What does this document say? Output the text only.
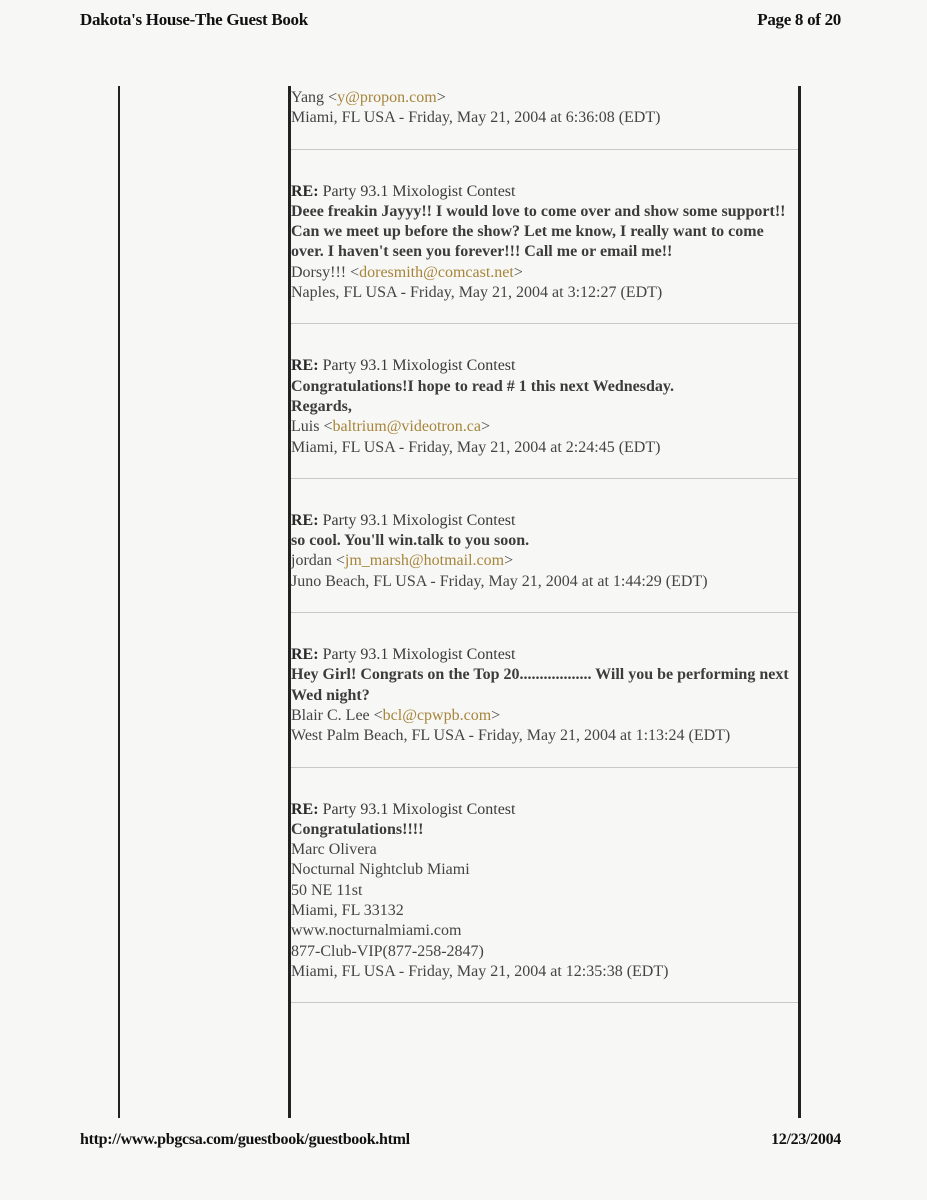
Dakota's House-The Guest Book	Page 8 of 20
Yang <y@propon.com>
Miami, FL USA - Friday, May 21, 2004 at 6:36:08 (EDT)
RE: Party 93.1 Mixologist Contest
Deee freakin Jayyy!! I would love to come over and show some support!! Can we meet up before the show? Let me know, I really want to come over. I haven't seen you forever!!! Call me or email me!!
Dorsy!!! <doresmith@comcast.net>
Naples, FL USA - Friday, May 21, 2004 at 3:12:27 (EDT)
RE: Party 93.1 Mixologist Contest
Congratulations!I hope to read # 1 this next Wednesday.
Regards,
Luis <baltrium@videotron.ca>
Miami, FL USA - Friday, May 21, 2004 at 2:24:45 (EDT)
RE: Party 93.1 Mixologist Contest
so cool. You'll win.talk to you soon.
jordan <jm_marsh@hotmail.com>
Juno Beach, FL USA - Friday, May 21, 2004 at at 1:44:29 (EDT)
RE: Party 93.1 Mixologist Contest
Hey Girl! Congrats on the Top 20.................. Will you be performing next Wed night?
Blair C. Lee <bcl@cpwpb.com>
West Palm Beach, FL USA - Friday, May 21, 2004 at 1:13:24 (EDT)
RE: Party 93.1 Mixologist Contest
Congratulations!!!!
Marc Olivera
Nocturnal Nightclub Miami
50 NE 11st
Miami, FL 33132
www.nocturnalmiami.com
877-Club-VIP(877-258-2847)
Miami, FL USA - Friday, May 21, 2004 at 12:35:38 (EDT)
http://www.pbgcsa.com/guestbook/guestbook.html	12/23/2004
